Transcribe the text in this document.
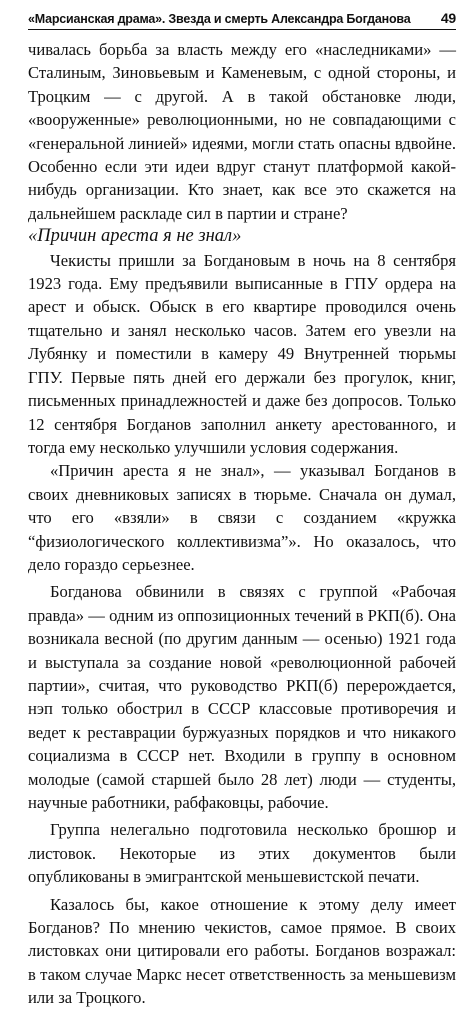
«Марсианская драма». Звезда и смерть Александра Богданова 49

чивалась борьба за власть между его «наследниками» — Сталиным, Зиновьевым и Каменевым, с одной стороны, и Троцким — с другой. А в такой обстановке люди, «вооруженные» революционными, но не совпадающими с «генеральной линией» идеями, могли стать опасны вдвойне. Особенно если эти идеи вдруг станут платформой какой-нибудь организации. Кто знает, как все это скажется на дальнейшем раскладе сил в партии и стране?

«Причин ареста я не знал»

Чекисты пришли за Богдановым в ночь на 8 сентября 1923 года. Ему предъявили выписанные в ГПУ ордера на арест и обыск. Обыск в его квартире проводился очень тщательно и занял несколько часов. Затем его увезли на Лубянку и поместили в камеру 49 Внутренней тюрьмы ГПУ. Первые пять дней его держали без прогулок, книг, письменных принадлежностей и даже без допросов. Только 12 сентября Богданов заполнил анкету арестованного, и тогда ему несколько улучшили условия содержания.

«Причин ареста я не знал», — указывал Богданов в своих дневниковых записях в тюрьме. Сначала он думал, что его «взяли» в связи с созданием «кружка “физиологического коллективизма”». Но оказалось, что дело гораздо серьезнее.

Богданова обвинили в связях с группой «Рабочая правда» — одним из оппозиционных течений в РКП(б). Она возникала весной (по другим данным — осенью) 1921 года и выступала за создание новой «революционной рабочей партии», считая, что руководство РКП(б) перерождается, нэп только обострил в СССР классовые противоречия и ведет к реставрации буржуазных порядков и что никакого социализма в СССР нет. Входили в группу в основном молодые (самой старшей было 28 лет) люди — студенты, научные работники, рабфаковцы, рабочие.

Группа нелегально подготовила несколько брошюр и листовок. Некоторые из этих документов были опубликованы в эмигрантской меньшевистской печати.

Казалось бы, какое отношение к этому делу имеет Богданов? По мнению чекистов, самое прямое. В своих листовках они цитировали его работы. Богданов возражал: в таком случае Маркс несет ответственность за меньшевизм или за Троцкого.
